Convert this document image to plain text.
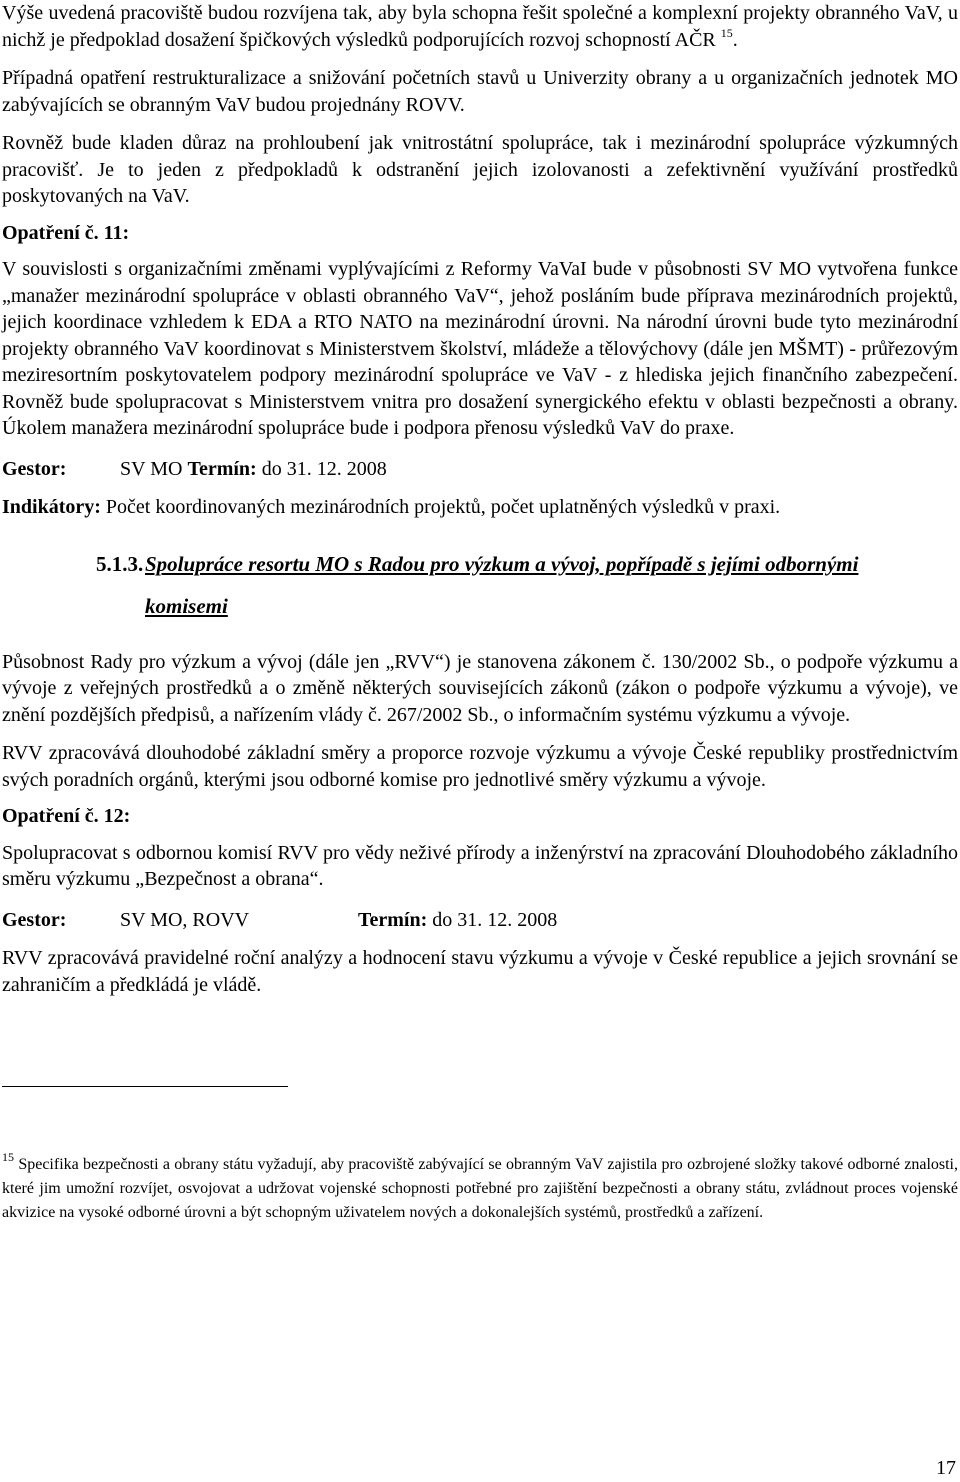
Výše uvedená pracoviště budou rozvíjena tak, aby byla schopna řešit společné a komplexní projekty obranného VaV, u nichž je předpoklad dosažení špičkových výsledků podporujících rozvoj schopností AČR $^{15}$.

Případná opatření restrukturalizace a snižování početních stavů u Univerzity obrany a u organizačních jednotek MO zabývajících se obranným VaV budou projednány ROVV.

Rovněž bude kladen důraz na prohloubení jak vnitrostátní spolupráce, tak i mezinárodní spolupráce výzkumných pracovišť. Je to jeden z předpokladů k odstranění jejich izolovanosti a zefektivnění využívání prostředků poskytovaných na VaV.

Opatření č. 11:

V souvislosti s organizačními změnami vyplývajícími z Reformy VaVaI bude v působnosti SV MO vytvořena funkce „manažer mezinárodní spolupráce v oblasti obranného VaV“, jehož posláním bude příprava mezinárodních projektů, jejich koordinace vzhledem k EDA a RTO NATO na mezinárodní úrovni. Na národní úrovni bude tyto mezinárodní projekty obranného VaV koordinovat s Ministerstvem školství, mládeže a tělovýchovy (dále jen MŠMT) - průřezovým meziresortním poskytovatelem podpory mezinárodní spolupráce ve VaV - z hlediska jejich finančního zabezpečení. Rovněž bude spolupracovat s Ministerstvem vnitra pro dosažení synergického efektu v oblasti bezpečnosti a obrany. Úkolem manažera mezinárodní spolupráce bude i podpora přenosu výsledků VaV do praxe.

Gestor:	SV MO Termín: do 31. 12. 2008

Indikátory: Počet koordinovaných mezinárodních projektů, počet uplatněných výsledků v praxi.

5.1.3.Spolupráce resortu MO s Radou pro výzkum a vývoj, popřípadě s jejími odbornými
komisemi

Působnost Rady pro výzkum a vývoj (dále jen „RVV“) je stanovena zákonem č. 130/2002 Sb., o podpoře výzkumu a vývoje z veřejných prostředků a o změně některých souvisejících zákonů (zákon o podpoře výzkumu a vývoje), ve znění pozdějších předpisů, a nařízením vlády č. 267/2002 Sb., o informačním systému výzkumu a vývoje.

RVV zpracovává dlouhodobé základní směry a proporce rozvoje výzkumu a vývoje České republiky prostřednictvím svých poradních orgánů, kterými jsou odborné komise pro jednotlivé směry výzkumu a vývoje.

Opatření č. 12:

Spolupracovat s odbornou komisí RVV pro vědy neživé přírody a inženýrství na zpracování Dlouhodobého základního směru výzkumu „Bezpečnost a obrana“.

Gestor:	SV MO, ROVV	Termín: do 31. 12. 2008

RVV zpracovává pravidelné roční analýzy a hodnocení stavu výzkumu a vývoje v České republice a jejich srovnání se zahraničím a předkládá je vládě.

$^{15}$ Specifika bezpečnosti a obrany státu vyžadují, aby pracoviště zabývající se obranným VaV zajistila pro ozbrojené složky takové odborné znalosti, které jim umožní rozvíjet, osvojovat a udržovat vojenské schopnosti potřebné pro zajištění bezpečnosti a obrany státu, zvládnout proces vojenské akvizice na vysoké odborné úrovni a být schopným uživatelem nových a dokonalejších systémů, prostředků a zařízení.
17
